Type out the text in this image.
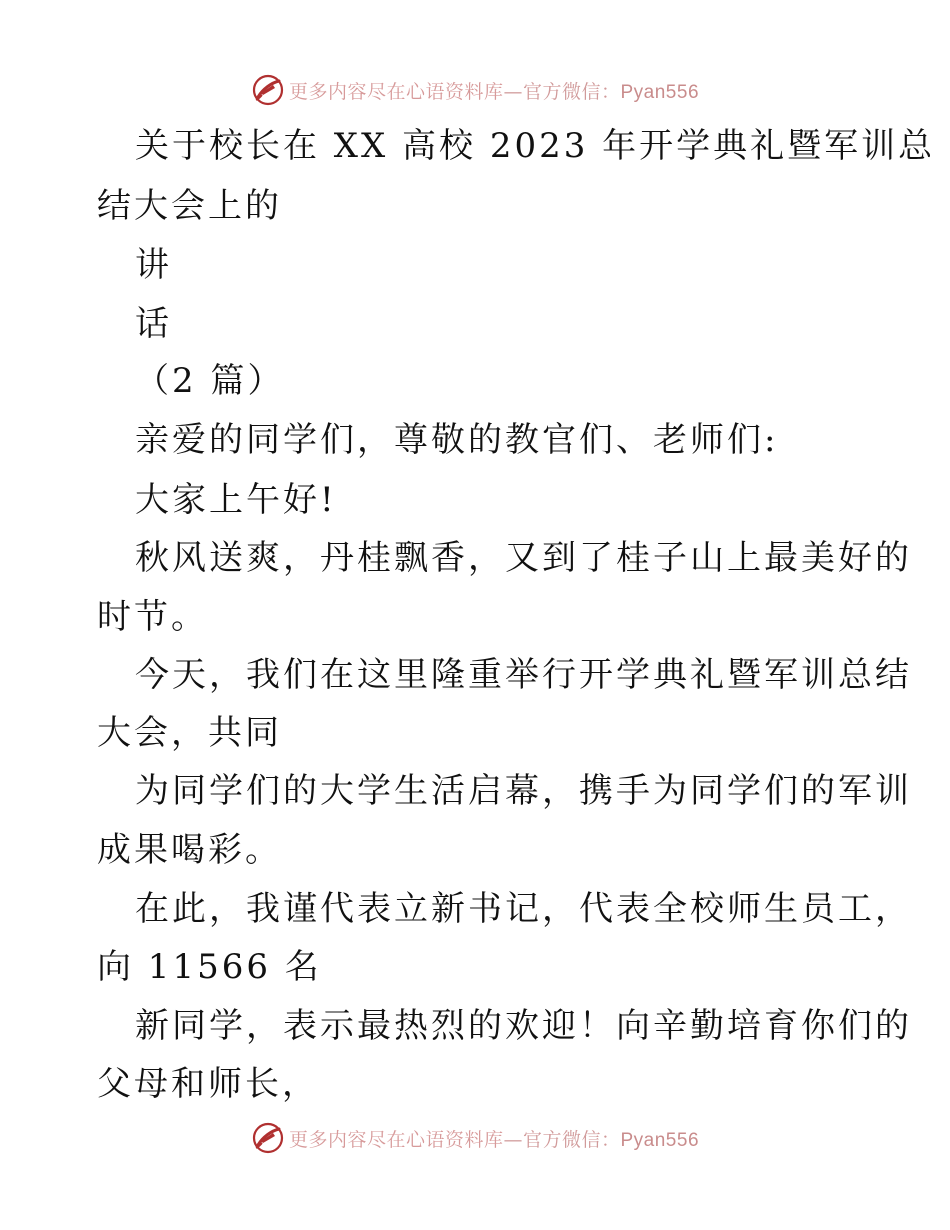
更多内容尽在心语资料库—官方微信：Pyan556
关于校长在 XX 高校 2023 年开学典礼暨军训总
结大会上的
讲
话
（2 篇）
亲爱的同学们，尊敬的教官们、老师们:
大家上午好!
秋风送爽，丹桂飘香，又到了桂子山上最美好的
时节。
今天，我们在这里隆重举行开学典礼暨军训总结
大会，共同
为同学们的大学生活启幕，携手为同学们的军训
成果喝彩。
在此，我谨代表立新书记，代表全校师生员工，
向 11566 名
新同学，表示最热烈的欢迎！向辛勤培育你们的
父母和师长，
更多内容尽在心语资料库—官方微信：Pyan556
